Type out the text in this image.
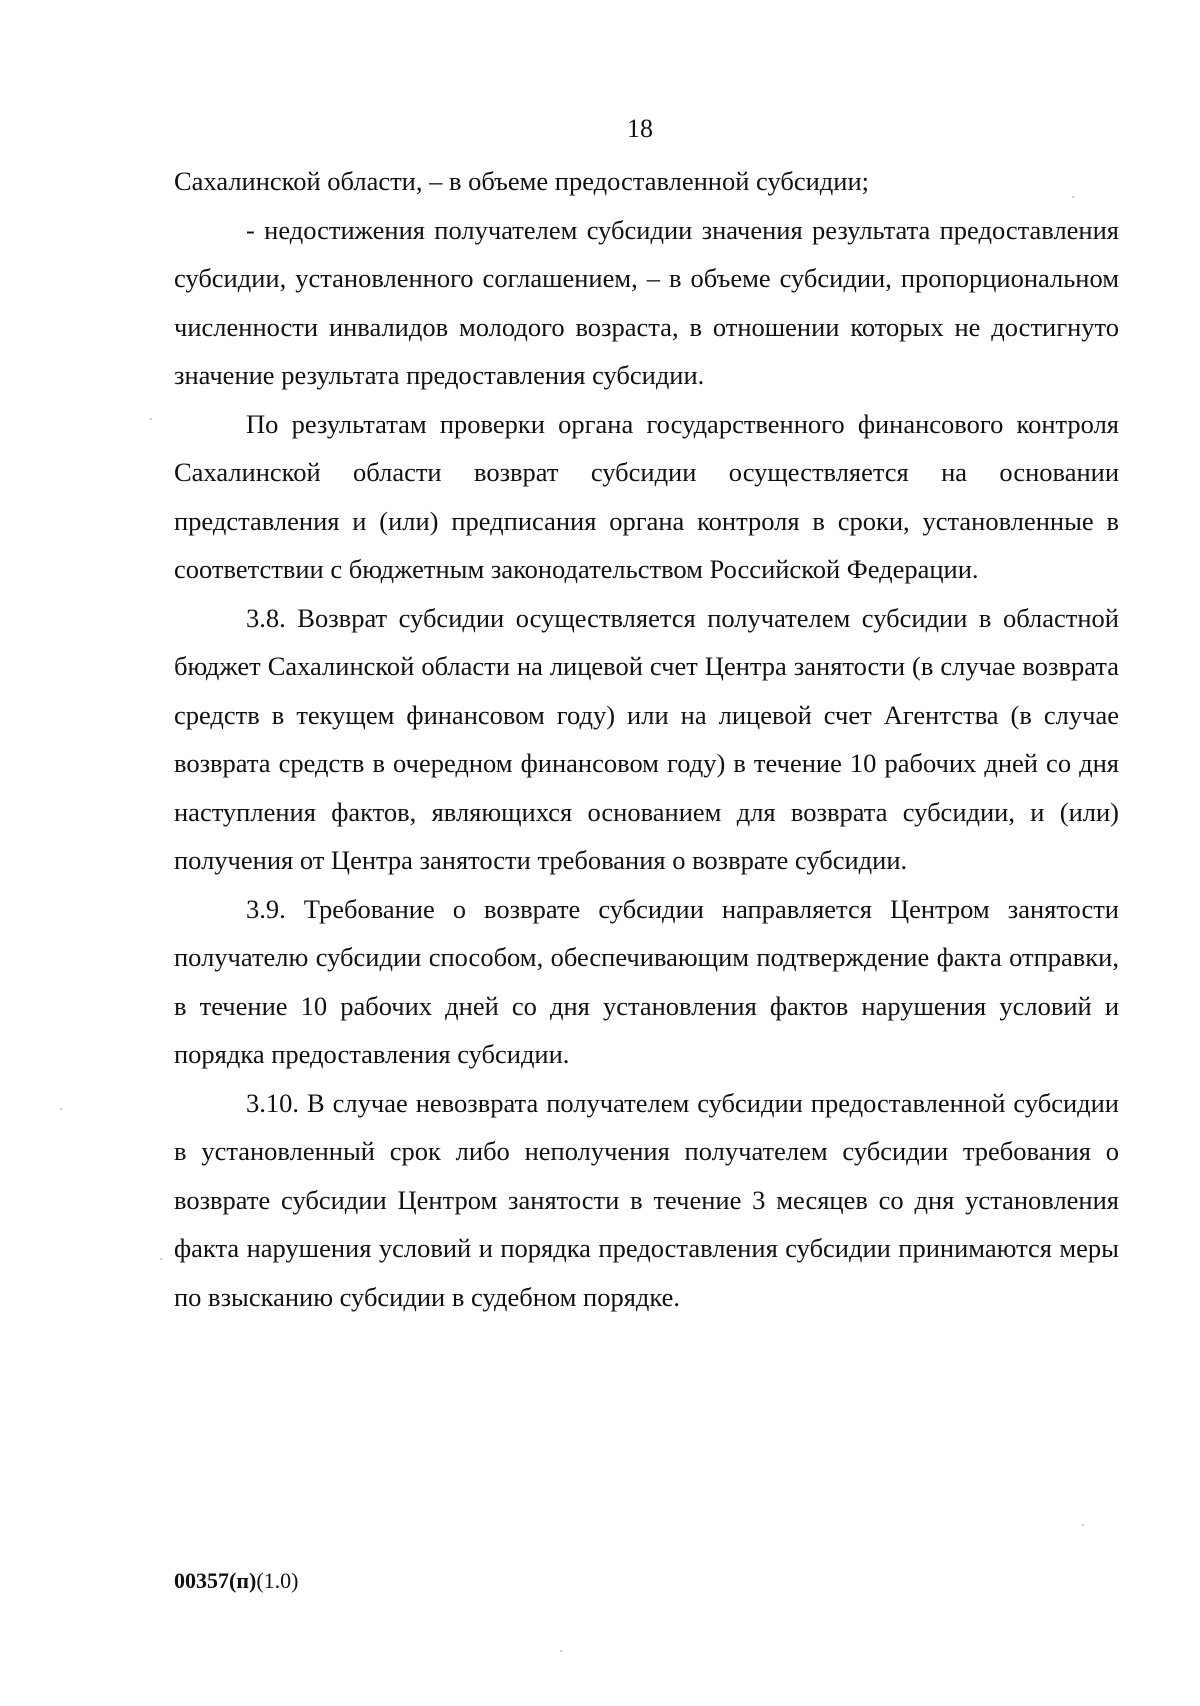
18

Сахалинской области, – в объеме предоставленной субсидии;

- недостижения получателем субсидии значения результата предоставления субсидии, установленного соглашением, – в объеме субсидии, пропорциональном численности инвалидов молодого возраста, в отношении которых не достигнуто значение результата предоставления субсидии.

По результатам проверки органа государственного финансового контроля Сахалинской области возврат субсидии осуществляется на основании представления и (или) предписания органа контроля в сроки, установленные в соответствии с бюджетным законодательством Российской Федерации.

3.8. Возврат субсидии осуществляется получателем субсидии в областной бюджет Сахалинской области на лицевой счет Центра занятости (в случае возврата средств в текущем финансовом году) или на лицевой счет Агентства (в случае возврата средств в очередном финансовом году) в течение 10 рабочих дней со дня наступления фактов, являющихся основанием для возврата субсидии, и (или) получения от Центра занятости требования о возврате субсидии.

3.9. Требование о возврате субсидии направляется Центром занятости получателю субсидии способом, обеспечивающим подтверждение факта отправки, в течение 10 рабочих дней со дня установления фактов нарушения условий и порядка предоставления субсидии.

3.10. В случае невозврата получателем субсидии предоставленной субсидии в установленный срок либо неполучения получателем субсидии требования о возврате субсидии Центром занятости в течение 3 месяцев со дня установления факта нарушения условий и порядка предоставления субсидии принимаются меры по взысканию субсидии в судебном порядке.

00357(п)(1.0)
